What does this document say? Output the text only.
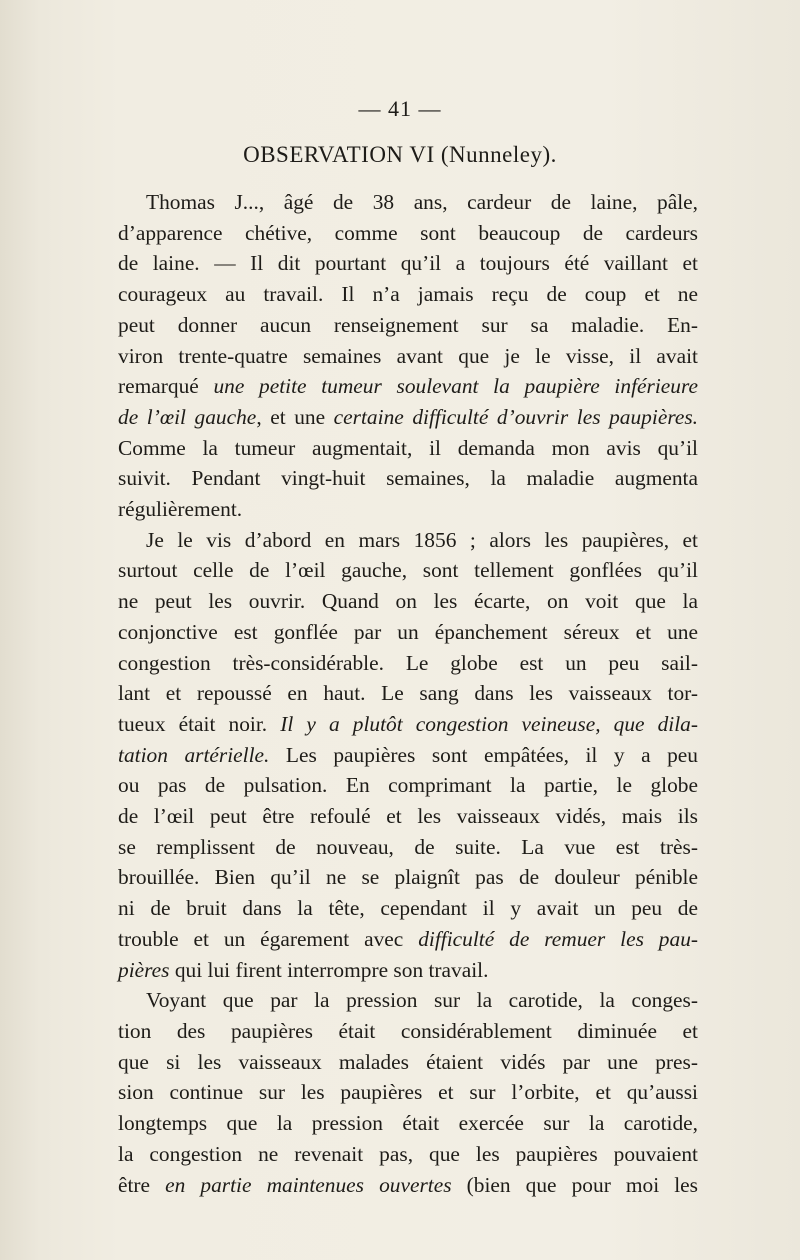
— 41 —
OBSERVATION VI (Nunneley).

Thomas J..., âgé de 38 ans, cardeur de laine, pâle,
d’apparence chétive, comme sont beaucoup de cardeurs
de laine. — Il dit pourtant qu’il a toujours été vaillant et
courageux au travail. Il n’a jamais reçu de coup et ne
peut donner aucun renseignement sur sa maladie. En-
viron trente-quatre semaines avant que je le visse, il avait
remarqué une petite tumeur soulevant la paupière inférieure
de l’œil gauche, et une certaine difficulté d’ouvrir les paupières.
Comme la tumeur augmentait, il demanda mon avis qu’il
suivit. Pendant vingt-huit semaines, la maladie augmenta
régulièrement.

Je le vis d’abord en mars 1856 ; alors les paupières, et
surtout celle de l’œil gauche, sont tellement gonflées qu’il
ne peut les ouvrir. Quand on les écarte, on voit que la
conjonctive est gonflée par un épanchement séreux et une
congestion très-considérable. Le globe est un peu sail-
lant et repoussé en haut. Le sang dans les vaisseaux tor-
tueux était noir. Il y a plutôt congestion veineuse, que dila-
tation artérielle. Les paupières sont empâtées, il y a peu
ou pas de pulsation. En comprimant la partie, le globe
de l’œil peut être refoulé et les vaisseaux vidés, mais ils
se remplissent de nouveau, de suite. La vue est très-
brouillée. Bien qu’il ne se plaignît pas de douleur pénible
ni de bruit dans la tête, cependant il y avait un peu de
trouble et un égarement avec difficulté de remuer les pau-
pières qui lui firent interrompre son travail.

Voyant que par la pression sur la carotide, la conges-
tion des paupières était considérablement diminuée et
que si les vaisseaux malades étaient vidés par une pres-
sion continue sur les paupières et sur l’orbite, et qu’aussi
longtemps que la pression était exercée sur la carotide,
la congestion ne revenait pas, que les paupières pouvaient
être en partie maintenues ouvertes (bien que pour moi les
